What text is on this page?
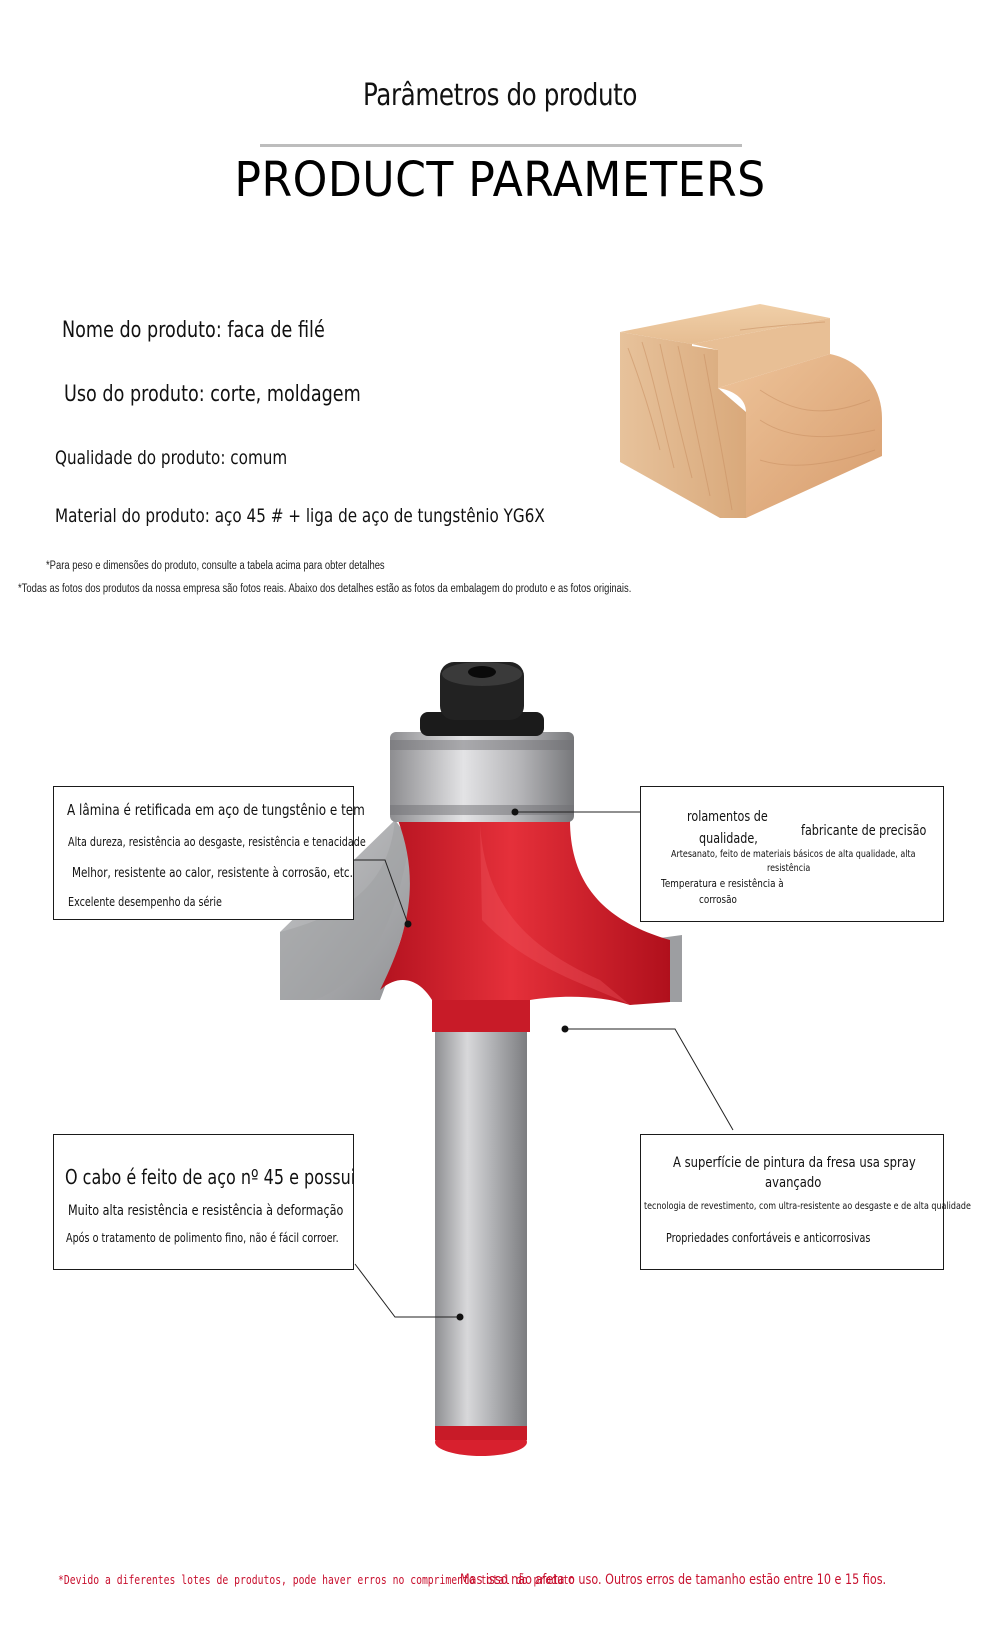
Parâmetros do produto
PRODUCT PARAMETERS
Nome do produto: faca de filé
Uso do produto: corte, moldagem
Qualidade do produto: comum
Material do produto: aço 45 # + liga de aço de tungstênio YG6X
*Para peso e dimensões do produto, consulte a tabela acima para obter detalhes
*Todas as fotos dos produtos da nossa empresa são fotos reais. Abaixo dos detalhes estão as fotos da embalagem do produto e as fotos originais.
A lâmina é retificada em aço de tungstênio e tem
Alta dureza, resistência ao desgaste, resistência e tenacidade
Melhor, resistente ao calor, resistente à corrosão, etc.
Excelente desempenho da série
rolamentos de
qualidade,	fabricante de precisão
Artesanato, feito de materiais básicos de alta qualidade, alta
resistência
Temperatura e resistência à
corrosão
O cabo é feito de aço nº 45 e possui
Muito alta resistência e resistência à deformação
Após o tratamento de polimento fino, não é fácil corroer.
A superfície de pintura da fresa usa spray
avançado
tecnologia de revestimento, com ultra-resistente ao desgaste e de alta qualidade
Propriedades confortáveis ​​e anticorrosivas
*Devido a diferentes lotes de produtos, pode haver erros no comprimento total do produto
Mas isso não afeta o uso. Outros erros de tamanho estão entre 10 e 15 fios.
